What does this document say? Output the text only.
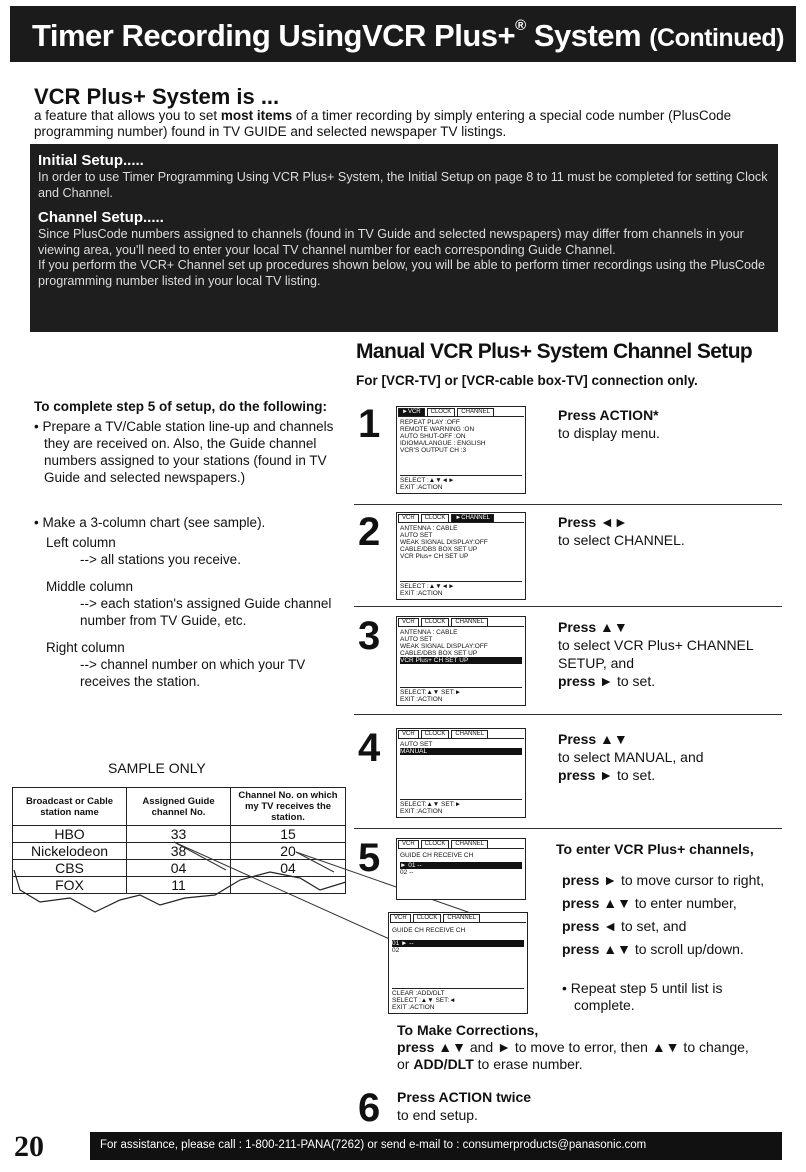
Timer Recording UsingVCR Plus+® System (Continued)
VCR Plus+ System is ...
a feature that allows you to set most items of a timer recording by simply entering a special code number (PlusCode programming number) found in TV GUIDE and selected newspaper TV listings.
Initial Setup.....

In order to use Timer Programming Using VCR Plus+ System, the Initial Setup on page 8 to 11 must be completed for setting Clock and Channel.

Channel Setup.....

Since PlusCode numbers assigned to channels (found in TV Guide and selected newspapers) may differ from channels in your viewing area, you'll need to enter your local TV channel number for each corresponding Guide Channel.

If you perform the VCR+ Channel set up procedures shown below, you will be able to perform timer recordings using the PlusCode programming number listed in your local TV listing.

Manual VCR Plus+ System Channel Setup
For [VCR-TV] or [VCR-cable box-TV] connection only.
To complete step 5 of setup, do the following:
• Prepare a TV/Cable station line-up and channels they are received on. Also, the Guide channel numbers assigned to your stations (found in TV Guide and selected newspapers.)
• Make a 3-column chart (see sample).
Left column
--> all stations you receive.
Middle column
--> each station's assigned Guide channel number from TV Guide, etc.
Right column
--> channel number on which your TV receives the station.
SAMPLE ONLY
Broadcast or Cable station name	Assigned Guide channel No.	Channel No. on which my TV receives the station.
HBO	33	15
Nickelodeon	38	20
CBS	04	04
FOX	11	
1	►VCR	CLOCK	CHANNEL
REPEAT PLAY :OFF
REMOTE WARNING :ON
AUTO SHUT-OFF :ON
IDIOMA/LANGUE : ENGLISH
VCR'S OUTPUT CH :3
SELECT :▲▼◄►
EXIT :ACTION
Press ACTION*
to display menu.
2	VCR	CLOCK	►CHANNEL
ANTENNA : CABLE
AUTO SET
WEAK SIGNAL DISPLAY:OFF
CABLE/DBS BOX SET UP
VCR Plus+ CH SET UP
SELECT :▲▼◄►
EXIT :ACTION
Press ◄►
to select CHANNEL.
3	VCR	CLOCK	CHANNEL
ANTENNA : CABLE
AUTO SET
WEAK SIGNAL DISPLAY:OFF
CABLE/DBS BOX SET UP
VCR Plus+ CH SET UP
SELECT:▲▼ SET:►
EXIT :ACTION
Press ▲▼
to select VCR Plus+ CHANNEL SETUP, and
press ► to set.
4	VCR	CLOCK	CHANNEL
AUTO SET
MANUAL
SELECT:▲▼ SET:►
EXIT :ACTION
Press ▲▼
to select MANUAL, and
press ► to set.
5	VCR	CLOCK	CHANNEL
GUIDE CH RECEIVE CH
► 01 --
02 --
VCR	CLOCK	CHANNEL
GUIDE CH RECEIVE CH
01 ► --
02
CLEAR :ADD/DLT
SELECT :▲▼ SET:◄
EXIT :ACTION
To enter VCR Plus+ channels,
press ► to move cursor to right,
press ▲▼ to enter number,
press ◄ to set, and
press ▲▼ to scroll up/down.
• Repeat step 5 until list is complete.
To Make Corrections,
press ▲▼ and ► to move to error, then ▲▼ to change,
or ADD/DLT to erase number.
6 Press ACTION twice
to end setup.
20	For assistance, please call : 1-800-211-PANA(7262) or send e-mail to : consumerproducts@panasonic.com
